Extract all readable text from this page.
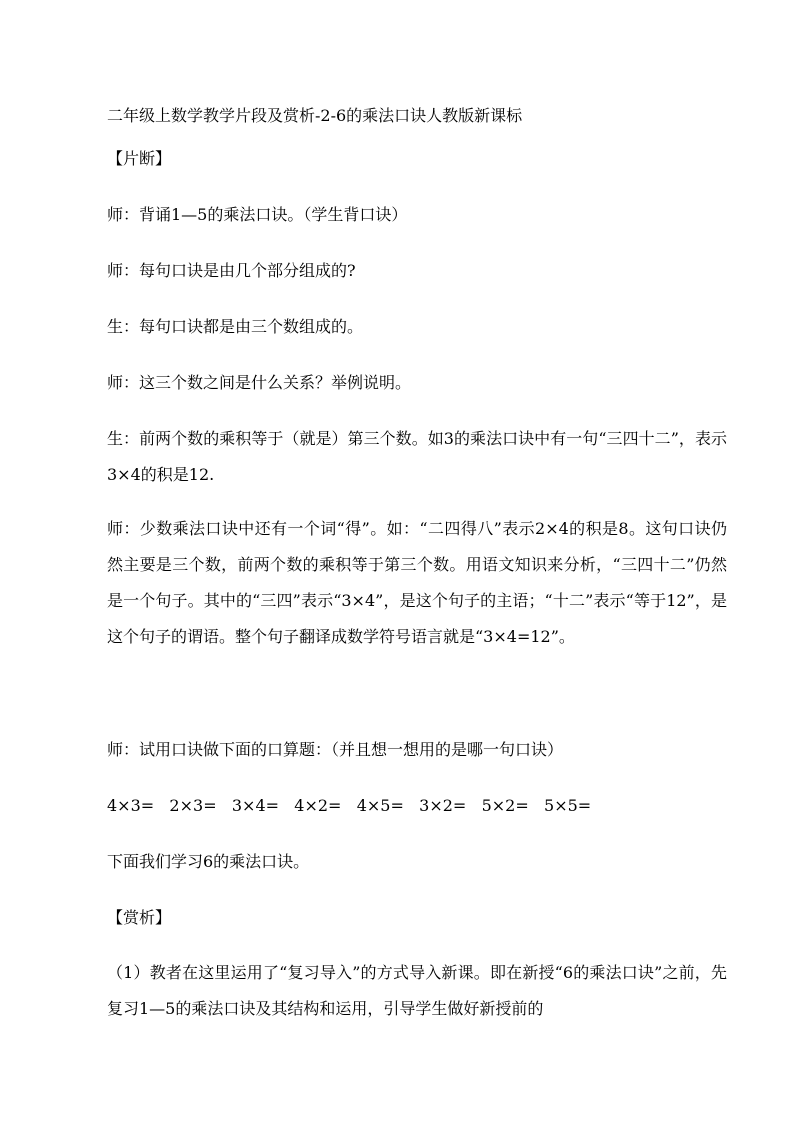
二年级上数学教学片段及赏析-2-6的乘法口诀人教版新课标
【片断】
师：背诵1—5的乘法口诀。（学生背口诀）
师：每句口诀是由几个部分组成的?
生：每句口诀都是由三个数组成的。
师：这三个数之间是什么关系？举例说明。
生：前两个数的乘积等于（就是）第三个数。如3的乘法口诀中有一句“三四十二”，表示3×4的积是12.
师：少数乘法口诀中还有一个词“得”。如：“二四得八”表示2×4的积是8。这句口诀仍然主要是三个数，前两个数的乘积等于第三个数。用语文知识来分析，“三四十二”仍然是一个句子。其中的“三四”表示“3×4”，是这个句子的主语；“十二”表示“等于12”，是这个句子的谓语。整个句子翻译成数学符号语言就是“3×4=12”。
师：试用口诀做下面的口算题：（并且想一想用的是哪一句口诀）
4×3=   2×3=   3×4=   4×2=   4×5=   3×2=   5×2=   5×5=
下面我们学习6的乘法口诀。
【赏析】
（1）教者在这里运用了“复习导入”的方式导入新课。即在新授“6的乘法口诀”之前，先复习1—5的乘法口诀及其结构和运用，引导学生做好新授前的
